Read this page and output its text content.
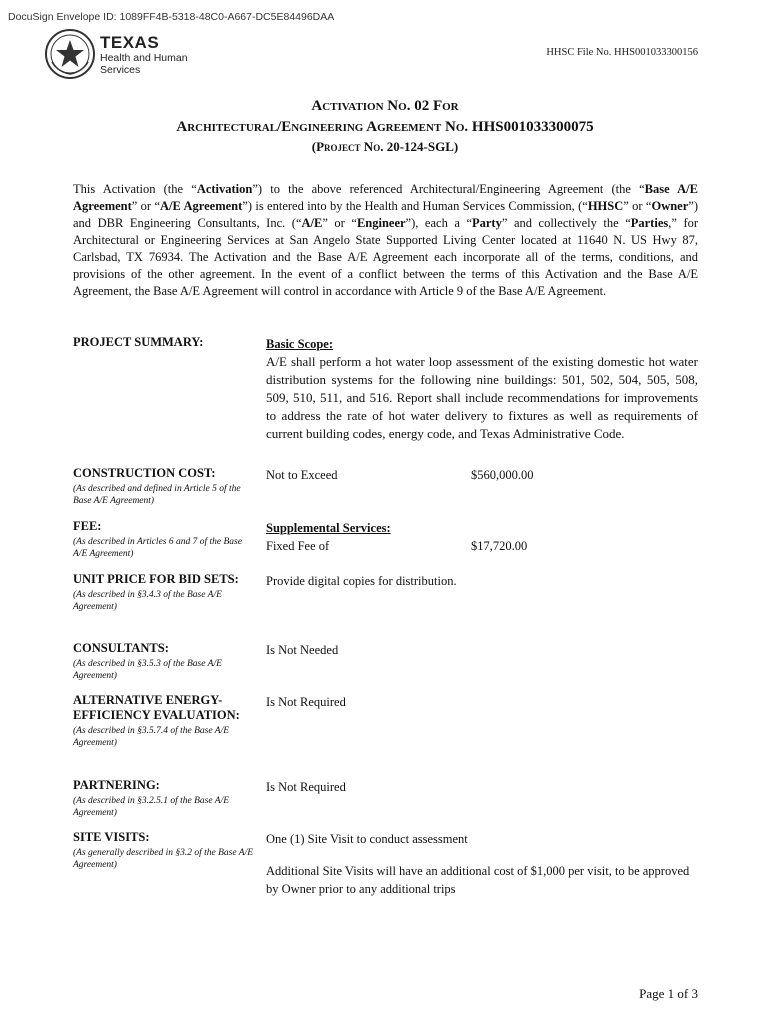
DocuSign Envelope ID: 1089FF4B-5318-48C0-A667-DC5E84496DAA
TEXAS
Health and Human
Services
HHSC File No. HHS001033300156
Activation No. 02 For
Architectural/Engineering Agreement No. HHS001033300075
(Project No. 20-124-SGL)
This Activation (the “Activation”) to the above referenced Architectural/Engineering Agreement (the “Base A/E Agreement” or “A/E Agreement”) is entered into by the Health and Human Services Commission, (“HHSC” or “Owner”) and DBR Engineering Consultants, Inc. (“A/E” or “Engineer”), each a “Party” and collectively the “Parties,” for Architectural or Engineering Services at San Angelo State Supported Living Center located at 11640 N. US Hwy 87, Carlsbad, TX 76934. The Activation and the Base A/E Agreement each incorporate all of the terms, conditions, and provisions of the other agreement. In the event of a conflict between the terms of this Activation and the Base A/E Agreement, the Base A/E Agreement will control in accordance with Article 9 of the Base A/E Agreement.
PROJECT SUMMARY:	Basic Scope:
A/E shall perform a hot water loop assessment of the existing domestic hot water distribution systems for the following nine buildings: 501, 502, 504, 505, 508, 509, 510, 511, and 516. Report shall include recommendations for improvements to address the rate of hot water delivery to fixtures as well as requirements of current building codes, energy code, and Texas Administrative Code.
CONSTRUCTION COST:
(As described and defined in Article 5 of the Base A/E Agreement)
Not to Exceed	$560,000.00
FEE:
(As described in Articles 6 and 7 of the Base A/E Agreement)
Supplemental Services:
Fixed Fee of	$17,720.00
UNIT PRICE FOR BID SETS:
(As described in §3.4.3 of the Base A/E Agreement)
Provide digital copies for distribution.
CONSULTANTS:
(As described in §3.5.3 of the Base A/E Agreement)
Is Not Needed
ALTERNATIVE ENERGY-EFFICIENCY EVALUATION:
(As described in §3.5.7.4 of the Base A/E Agreement)
Is Not Required
PARTNERING:
(As described in §3.2.5.1 of the Base A/E Agreement)
Is Not Required
SITE VISITS:
(As generally described in §3.2 of the Base A/E Agreement)
One (1) Site Visit to conduct assessment
Additional Site Visits will have an additional cost of $1,000 per visit, to be approved by Owner prior to any additional trips
Page 1 of 3
